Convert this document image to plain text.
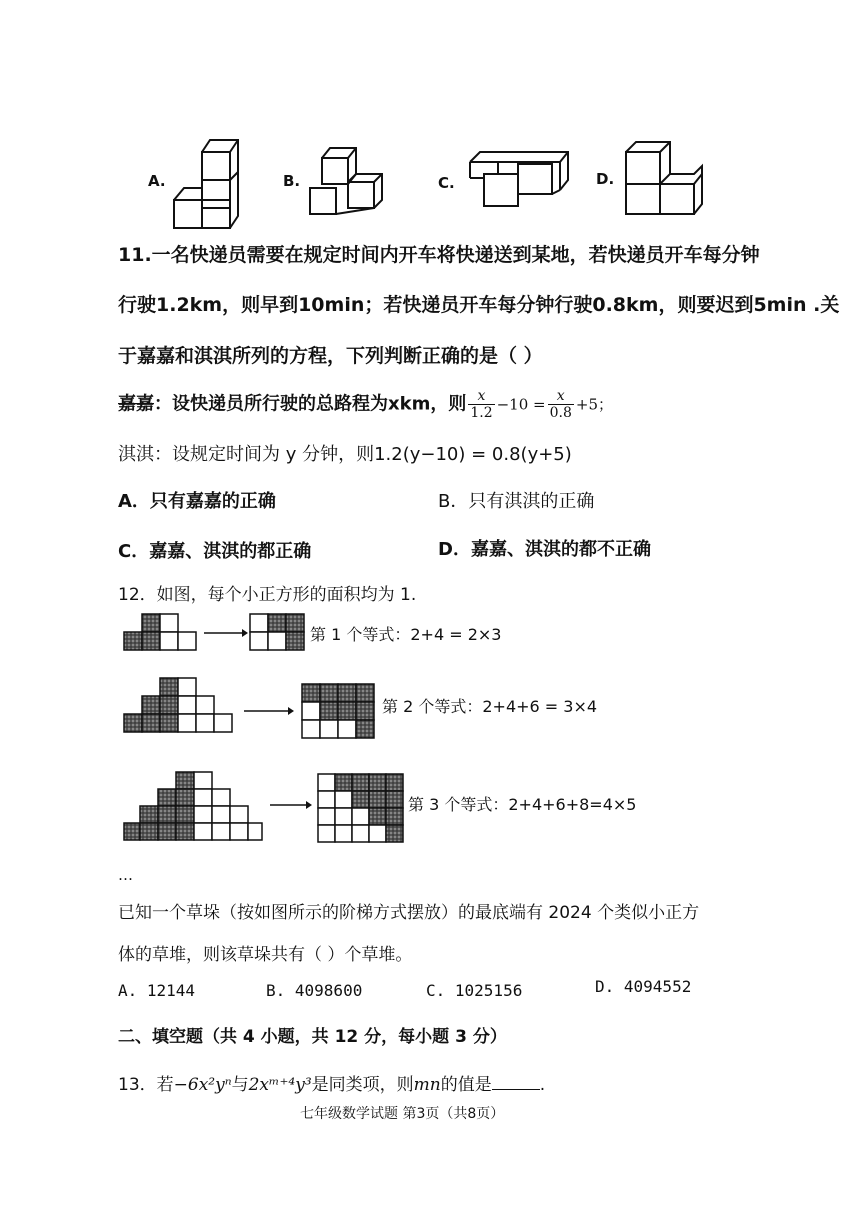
A.	B.	C.	D.
11.一名快递员需要在规定时间内开车将快递送到某地，若快递员开车每分钟
行驶1.2km，则早到10min；若快递员开车每分钟行驶0.8km，则要迟到5min .关
于嘉嘉和淇淇所列的方程，下列判断正确的是（ ）
嘉嘉：设快递员所行驶的总路程为xkm，则 $\frac{x}{1.2} -10 = \frac{x}{0.8} +5$；
淇淇：设规定时间为 y 分钟，则1.2(y−10) = 0.8(y+5)
A．只有嘉嘉的正确	B．只有淇淇的正确
C．嘉嘉、淇淇的都正确	D．嘉嘉、淇淇的都不正确
12．如图，每个小正方形的面积均为 1.
第 1 个等式：2+4 = 2×3
第 2 个等式：2+4+6 = 3×4
第 3 个等式：2+4+6+8=4×5
…
已知一个草垛（按如图所示的阶梯方式摆放）的最底端有 2024 个类似小正方
体的草堆，则该草垛共有（ ）个草堆。
A. 12144	B. 4098600	C. 1025156	D. 4094552
二、填空题（共 4 小题，共 12 分，每小题 3 分）
13．若−6x²yⁿ与2xᵐ⁺⁴y³是同类项，则mn的值是	.
七年级数学试题 第3页（共8页）
